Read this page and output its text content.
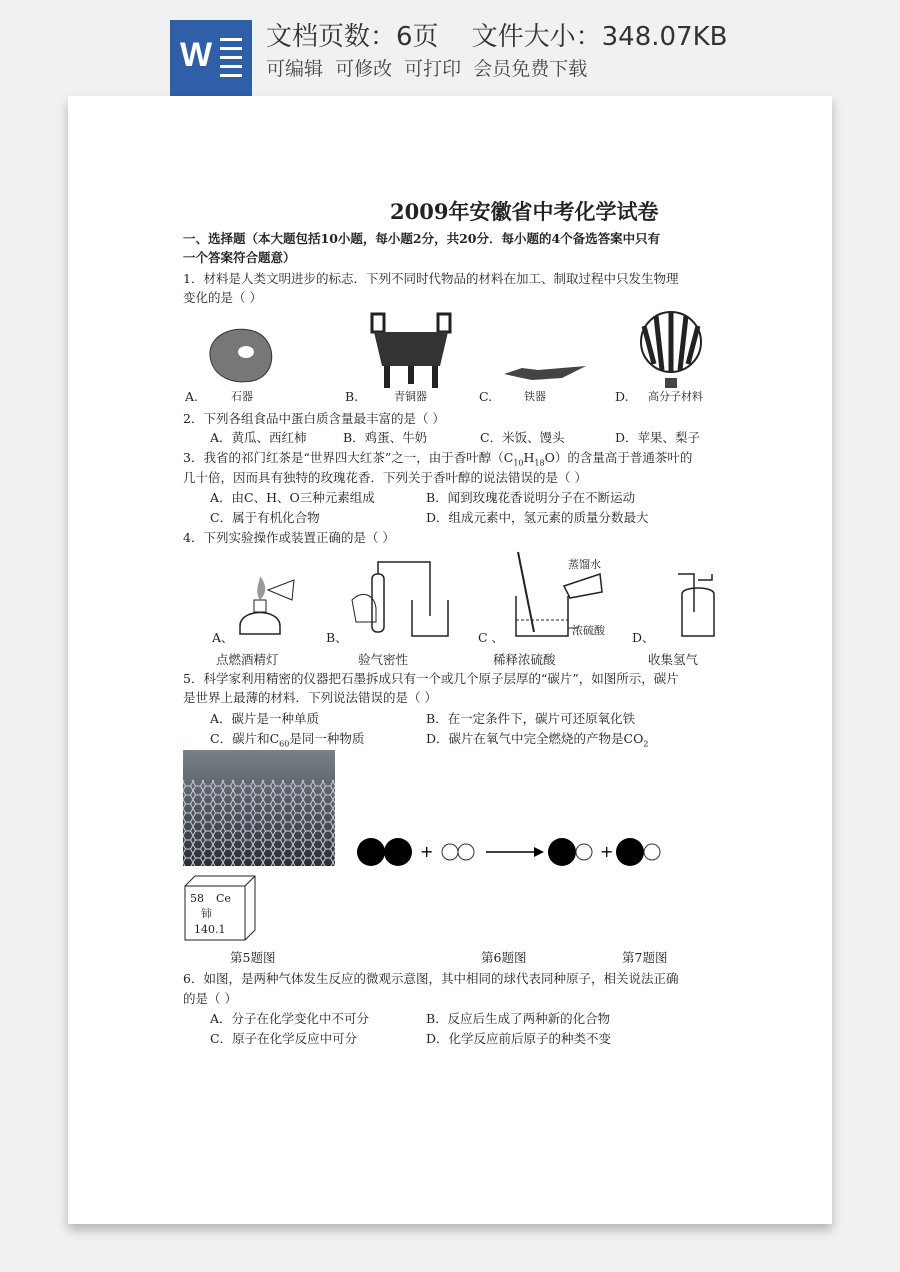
W 文档页数：6页 文件大小：348.07KB
可编辑  可修改  可打印  会员免费下载
2009年安徽省中考化学试卷
一、选择题（本大题包括10小题，每小题2分，共20分．每小题的4个备选答案中只有
一个答案符合题意）
1．材料是人类文明进步的标志．下列不同时代物品的材料在加工、制取过程中只发生物理
变化的是（ ）
A.	石器	B.	青铜器	C.	铁器	D. 高分子材料
2．下列各组食品中蛋白质含量最丰富的是（ ）
A．黄瓜、西红柿	B．鸡蛋、牛奶	C．米饭、馒头	D．苹果、梨子
3．我省的祁门红茶是“世界四大红茶”之一，由于香叶醇$(C_{10}H_{18}O)$的含量高于普通茶叶的
几十倍，因而具有独特的玫瑰花香．下列关于香叶醇的说法错误的是（ ）
A．由C、H、O三种元素组成	B．闻到玫瑰花香说明分子在不断运动
C．属于有机化合物	D．组成元素中，氢元素的质量分数最大
4．下列实验操作或装置正确的是（ ）
蒸馏水
浓硫酸
A、	B、	C 、	D、
点燃酒精灯	验气密性	稀释浓硫酸	收集氢气
5．科学家利用精密的仪器把石墨拆成只有一个或几个原子层厚的“碳片”，如图所示，碳片
是世界上最薄的材料．下列说法错误的是（ ）
A．碳片是一种单质	B．在一定条件下，碳片可还原氧化铁
C．碳片和$C_{60}$是同一种物质	D．碳片在氧气中完全燃烧的产物是$CO_2$
+	+
58 Ce
铈
140.1
第5题图	第6题图	第7题图
6．如图，是两种气体发生反应的微观示意图，其中相同的球代表同种原子，相关说法正确
的是（ ）
A．分子在化学变化中不可分	B．反应后生成了两种新的化合物
C．原子在化学反应中可分	D．化学反应前后原子的种类不变
